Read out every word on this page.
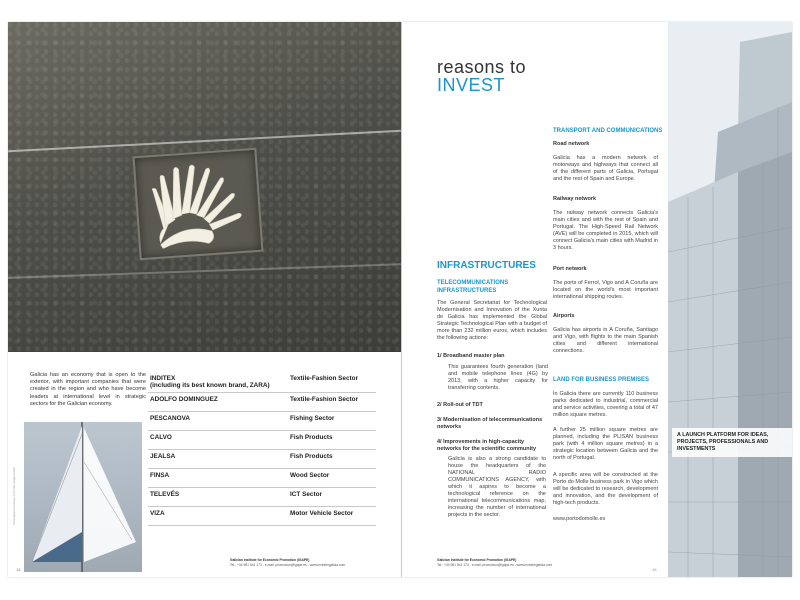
Galicia has an economy that is open to the exterior, with important companies that were created in the region and who have become leaders at international level in strategic sectors for the Galician economy.
Photograph courtesy of Cortés Ángel Costa
INDITEX
(including its best known brand, ZARA)	Textile-Fashion Sector
ADOLFO DOMINGUEZ	Textile-Fashion Sector
PESCANOVA	Fishing Sector
CALVO	Fish Products
JEALSA	Fish Products
FINSA	Wood Sector
TELEVÉS	ICT Sector
VIZA	Motor Vehicle Sector
Galician Institute for Economic Promotion (IGAPE)
Tel.: +34 981 541 173 - e-mail: promocion@igape.es - www.investingalicia.com
18
A LAUNCH PLATFORM FOR IDEAS, PROJECTS, PROFESSIONALS AND INVESTMENTS
reasons to
INVEST
INFRASTRUCTURES
TELECOMMUNICATIONS INFRASTRUCTURES
The General Secretariat for Technological Modernisation and Innovation of the Xunta de Galicia has implemented the Global Strategic Technological Plan with a budget of more than 232 million euros, which includes the following actions:
1/ Broadband master plan
This guarantees fourth generation (land and mobile telephone lines (4G) by 2013, with a higher capacity for transferring contents.
2/ Roll-out of TDT
3/ Modernisation of telecommunications networks
4/ Improvements in high-capacity networks for the scientific community
Galicia is also a strong candidate to house the headquarters of the NATIONAL RADIO COMMUNICATIONS AGENCY, with which it aspires to become a technological reference on the international telecommunications map, increasing the number of international projects in the sector.
TRANSPORT AND COMMUNICATIONS
Road network
Galicia has a modern network of motorways and highways that connect all of the different parts of Galicia, Portugal and the rest of Spain and Europe.
Railway network
The railway network connects Galicia's main cities and with the rest of Spain and Portugal. The High-Speed Rail Network (AVE) will be completed in 2015, which will connect Galicia's main cities with Madrid in 3 hours.
Port network
The ports of Ferrol, Vigo and A Coruña are located on the world's most important international shipping routes.
Airports
Galicia has airports in A Coruña, Santiago and Vigo, with flights to the main Spanish cities and different international connections.
LAND FOR BUSINESS PREMISES
In Galicia there are currently 110 business parks dedicated to industrial, commercial and service activities, covering a total of 47 million square metres.
A further 25 million square metres are planned, including the PLISAN business park (with 4 million square metres) in a strategic location between Galicia and the north of Portugal.
A specific area will be constructed at the Porto do Molle business park in Vigo which will be dedicated to research, development and innovation, and the development of high-tech products.
www.portodomolle.es
Galician Institute for Economic Promotion (IGAPE)
Tel.: +34 981 541 173 - e-mail: promocion@igape.es - www.investingalicia.com
19
